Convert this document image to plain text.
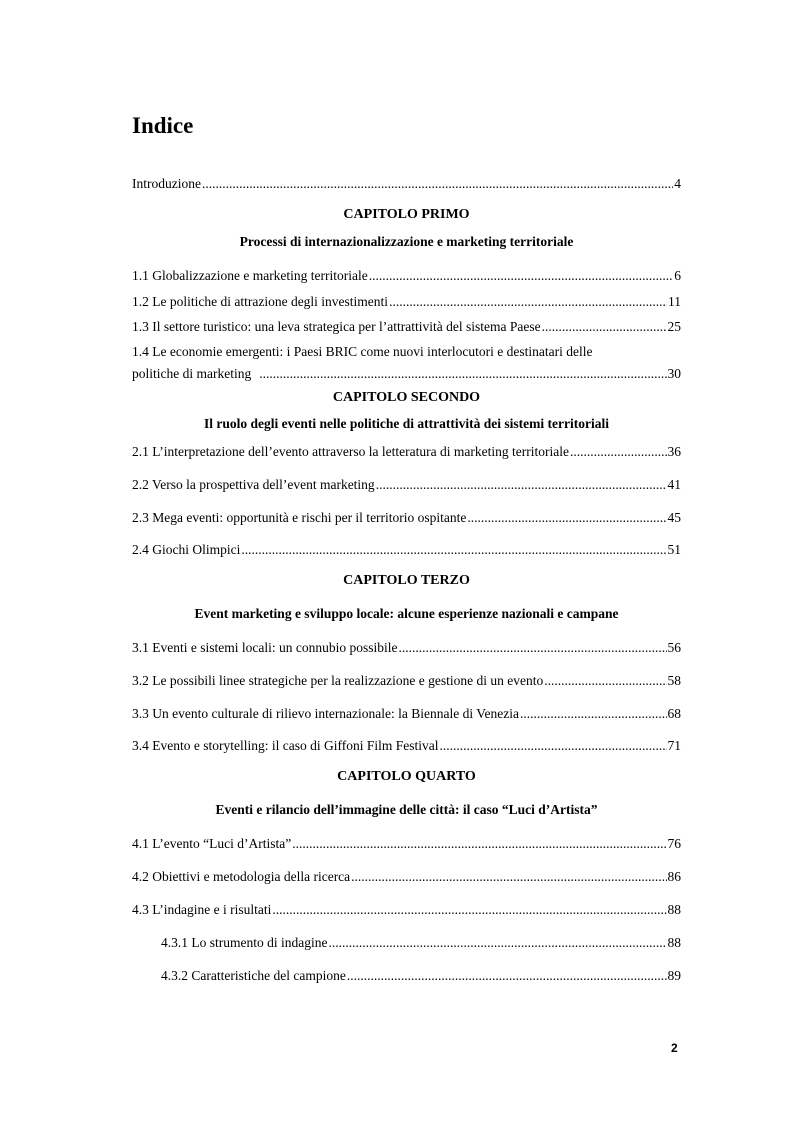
Indice
Introduzione .....	4
CAPITOLO PRIMO
Processi di internazionalizzazione e marketing territoriale
1.1 Globalizzazione e marketing territoriale .....	6
1.2 Le politiche di attrazione degli investimenti .....	11
1.3 Il settore turistico: una leva strategica per l’attrattività del sistema Paese .....	25
1.4 Le economie emergenti: i Paesi BRIC come nuovi interlocutori e destinatari delle
politiche di marketing .....	30
CAPITOLO SECONDO
Il ruolo degli eventi nelle politiche di attrattività dei sistemi territoriali
2.1 L’interpretazione dell’evento attraverso la letteratura di marketing territoriale .....	36
2.2 Verso la prospettiva dell’event marketing .....	41
2.3 Mega eventi: opportunità e rischi per il territorio ospitante .....	45
2.4 Giochi Olimpici .....	51
CAPITOLO TERZO
Event marketing e sviluppo locale: alcune esperienze nazionali e campane
3.1 Eventi e sistemi locali: un connubio possibile .....	56
3.2 Le possibili linee strategiche per la realizzazione e gestione di un evento .....	58
3.3 Un evento culturale di rilievo internazionale: la Biennale di Venezia .....	68
3.4 Evento e storytelling: il caso di Giffoni Film Festival .....	71
CAPITOLO QUARTO
Eventi e rilancio dell’immagine delle città: il caso “Luci d’Artista”
4.1 L’evento “Luci d’Artista” .....	76
4.2 Obiettivi e metodologia della ricerca .....	86
4.3 L’indagine e i risultati .....	88
4.3.1 Lo strumento di indagine .....	88
4.3.2 Caratteristiche del campione .....	89
2
